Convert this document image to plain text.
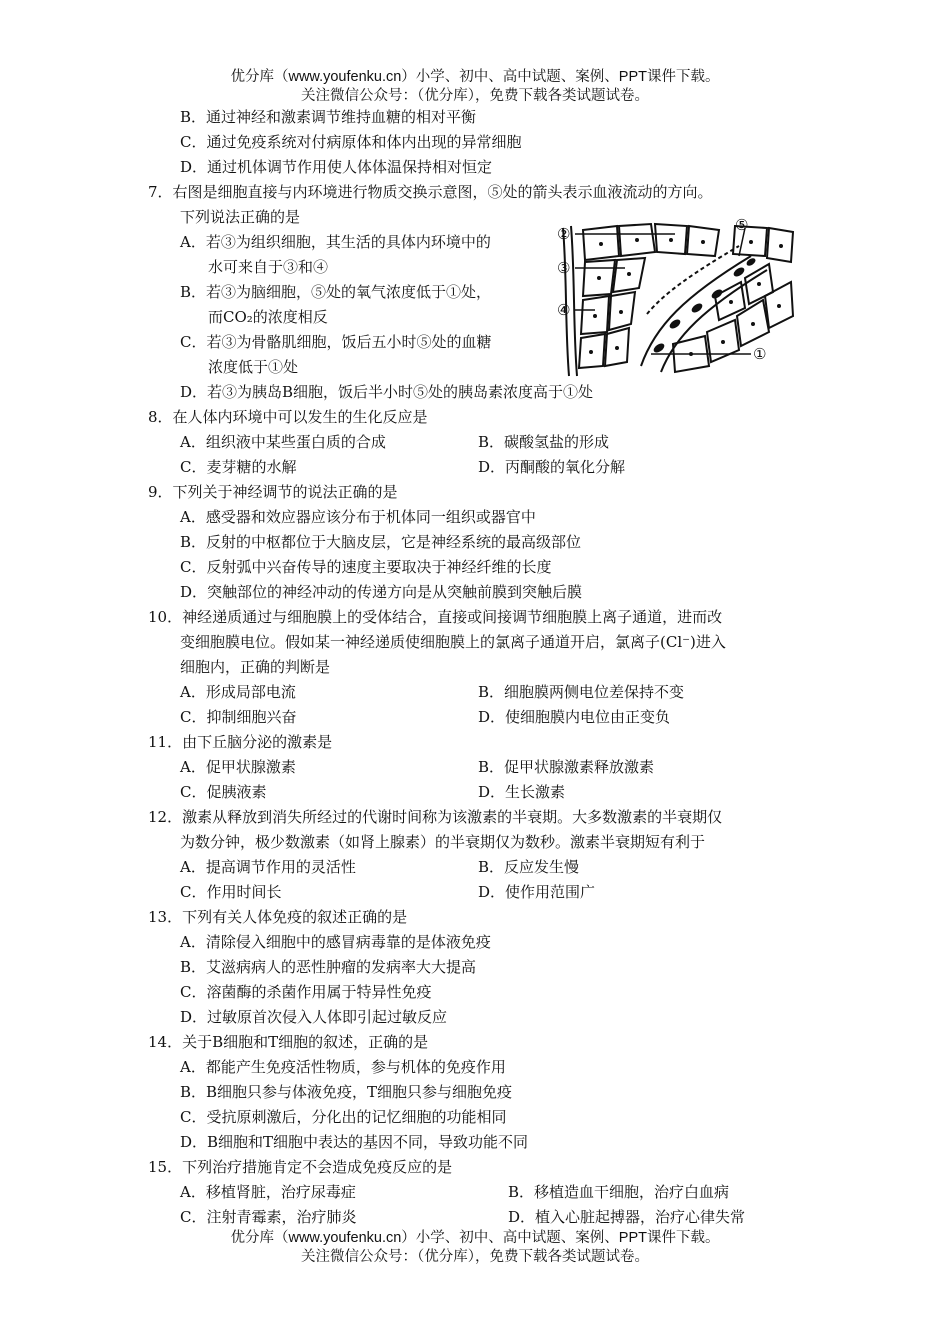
优分库（www.youfenku.cn）小学、初中、高中试题、案例、PPT课件下载。
关注微信公众号：（优分库），免费下载各类试题试卷。
B．通过神经和激素调节维持血糖的相对平衡
C．通过免疫系统对付病原体和体内出现的异常细胞
D．通过机体调节作用使人体体温保持相对恒定
7．右图是细胞直接与内环境进行物质交换示意图，⑤处的箭头表示血液流动的方向。
下列说法正确的是
A．若③为组织细胞，其生活的具体内环境中的
水可来自于③和④
B．若③为脑细胞，⑤处的氧气浓度低于①处，
而CO₂的浓度相反
C．若③为骨骼肌细胞，饭后五小时⑤处的血糖
浓度低于①处
D．若③为胰岛B细胞，饭后半小时⑤处的胰岛素浓度高于①处
②
③
④
⑤
①
8．在人体内环境中可以发生的生化反应是
A．组织液中某些蛋白质的合成	B．碳酸氢盐的形成
C．麦芽糖的水解	D．丙酮酸的氧化分解
9．下列关于神经调节的说法正确的是
A．感受器和效应器应该分布于机体同一组织或器官中
B．反射的中枢都位于大脑皮层，它是神经系统的最高级部位
C．反射弧中兴奋传导的速度主要取决于神经纤维的长度
D．突触部位的神经冲动的传递方向是从突触前膜到突触后膜
10．神经递质通过与细胞膜上的受体结合，直接或间接调节细胞膜上离子通道，进而改
变细胞膜电位。假如某一神经递质使细胞膜上的氯离子通道开启，氯离子(Cl⁻)进入
细胞内，正确的判断是
A．形成局部电流	B．细胞膜两侧电位差保持不变
C．抑制细胞兴奋	D．使细胞膜内电位由正变负
11．由下丘脑分泌的激素是
A．促甲状腺激素	B．促甲状腺激素释放激素
C．促胰液素	D．生长激素
12．激素从释放到消失所经过的代谢时间称为该激素的半衰期。大多数激素的半衰期仅
为数分钟，极少数激素（如肾上腺素）的半衰期仅为数秒。激素半衰期短有利于
A．提高调节作用的灵活性	B．反应发生慢
C．作用时间长	D．使作用范围广
13．下列有关人体免疫的叙述正确的是
A．清除侵入细胞中的感冒病毒靠的是体液免疫
B．艾滋病病人的恶性肿瘤的发病率大大提高
C．溶菌酶的杀菌作用属于特异性免疫
D．过敏原首次侵入人体即引起过敏反应
14．关于B细胞和T细胞的叙述，正确的是
A．都能产生免疫活性物质，参与机体的免疫作用
B．B细胞只参与体液免疫，T细胞只参与细胞免疫
C．受抗原刺激后，分化出的记忆细胞的功能相同
D．B细胞和T细胞中表达的基因不同，导致功能不同
15．下列治疗措施肯定不会造成免疫反应的是
A．移植肾脏，治疗尿毒症	B．移植造血干细胞，治疗白血病
C．注射青霉素，治疗肺炎	D．植入心脏起搏器，治疗心律失常
优分库（www.youfenku.cn）小学、初中、高中试题、案例、PPT课件下载。
关注微信公众号：（优分库），免费下载各类试题试卷。
